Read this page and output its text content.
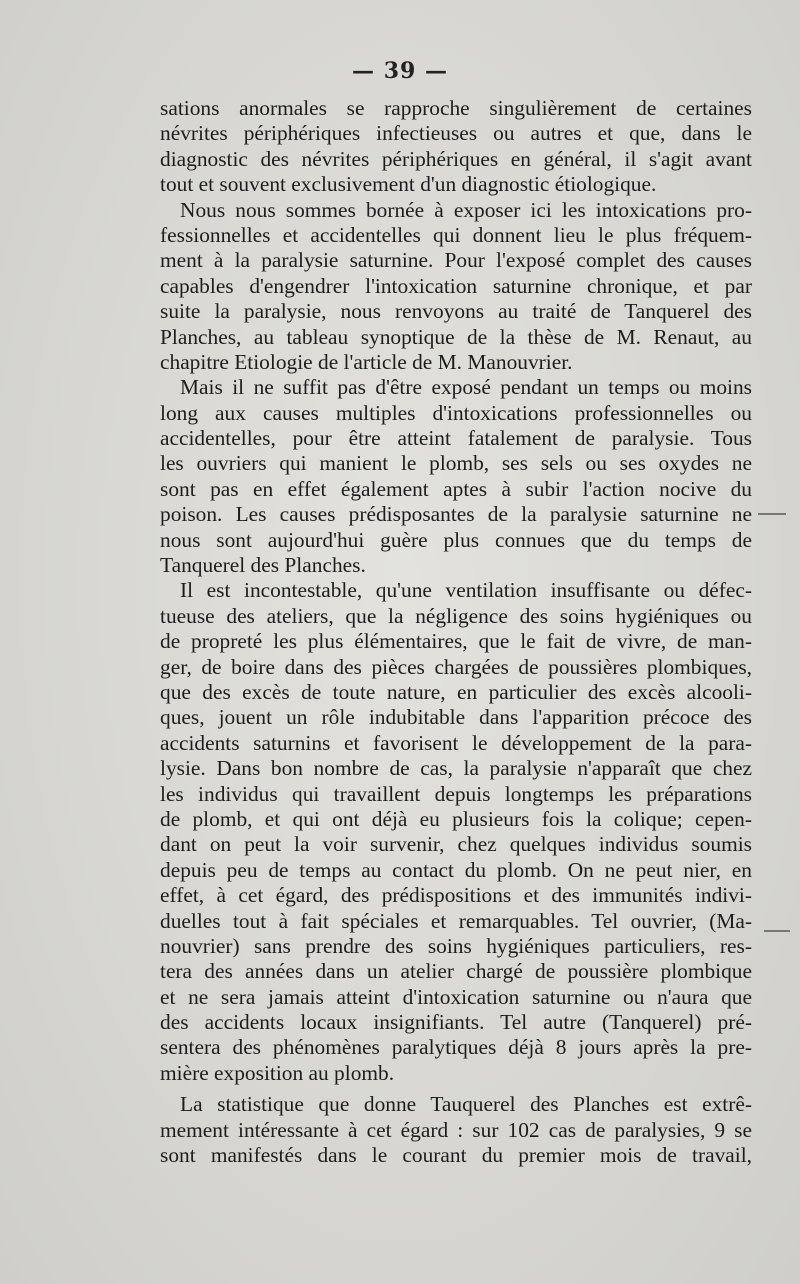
— 39 —
sations anormales se rapproche singulièrement de certaines
névrites périphériques infectieuses ou autres et que, dans le
diagnostic des névrites périphériques en général, il s'agit avant
tout et souvent exclusivement d'un diagnostic étiologique.
Nous nous sommes bornée à exposer ici les intoxications pro-
fessionnelles et accidentelles qui donnent lieu le plus fréquem-
ment à la paralysie saturnine. Pour l'exposé complet des causes
capables d'engendrer l'intoxication saturnine chronique, et par
suite la paralysie, nous renvoyons au traité de Tanquerel des
Planches, au tableau synoptique de la thèse de M. Renaut, au
chapitre Etiologie de l'article de M. Manouvrier.
Mais il ne suffit pas d'être exposé pendant un temps ou moins
long aux causes multiples d'intoxications professionnelles ou
accidentelles, pour être atteint fatalement de paralysie. Tous
les ouvriers qui manient le plomb, ses sels ou ses oxydes ne
sont pas en effet également aptes à subir l'action nocive du
poison. Les causes prédisposantes de la paralysie saturnine ne
nous sont aujourd'hui guère plus connues que du temps de
Tanquerel des Planches.
Il est incontestable, qu'une ventilation insuffisante ou défec-
tueuse des ateliers, que la négligence des soins hygiéniques ou
de propreté les plus élémentaires, que le fait de vivre, de man-
ger, de boire dans des pièces chargées de poussières plombiques,
que des excès de toute nature, en particulier des excès alcooli-
ques, jouent un rôle indubitable dans l'apparition précoce des
accidents saturnins et favorisent le développement de la para-
lysie. Dans bon nombre de cas, la paralysie n'apparaît que chez
les individus qui travaillent depuis longtemps les préparations
de plomb, et qui ont déjà eu plusieurs fois la colique; cepen-
dant on peut la voir survenir, chez quelques individus soumis
depuis peu de temps au contact du plomb. On ne peut nier, en
effet, à cet égard, des prédispositions et des immunités indivi-
duelles tout à fait spéciales et remarquables. Tel ouvrier, (Ma-
nouvrier) sans prendre des soins hygiéniques particuliers, res-
tera des années dans un atelier chargé de poussière plombique
et ne sera jamais atteint d'intoxication saturnine ou n'aura que
des accidents locaux insignifiants. Tel autre (Tanquerel) pré-
sentera des phénomènes paralytiques déjà 8 jours après la pre-
mière exposition au plomb.
La statistique que donne Tauquerel des Planches est extrê-
mement intéressante à cet égard : sur 102 cas de paralysies, 9 se
sont manifestés dans le courant du premier mois de travail,
